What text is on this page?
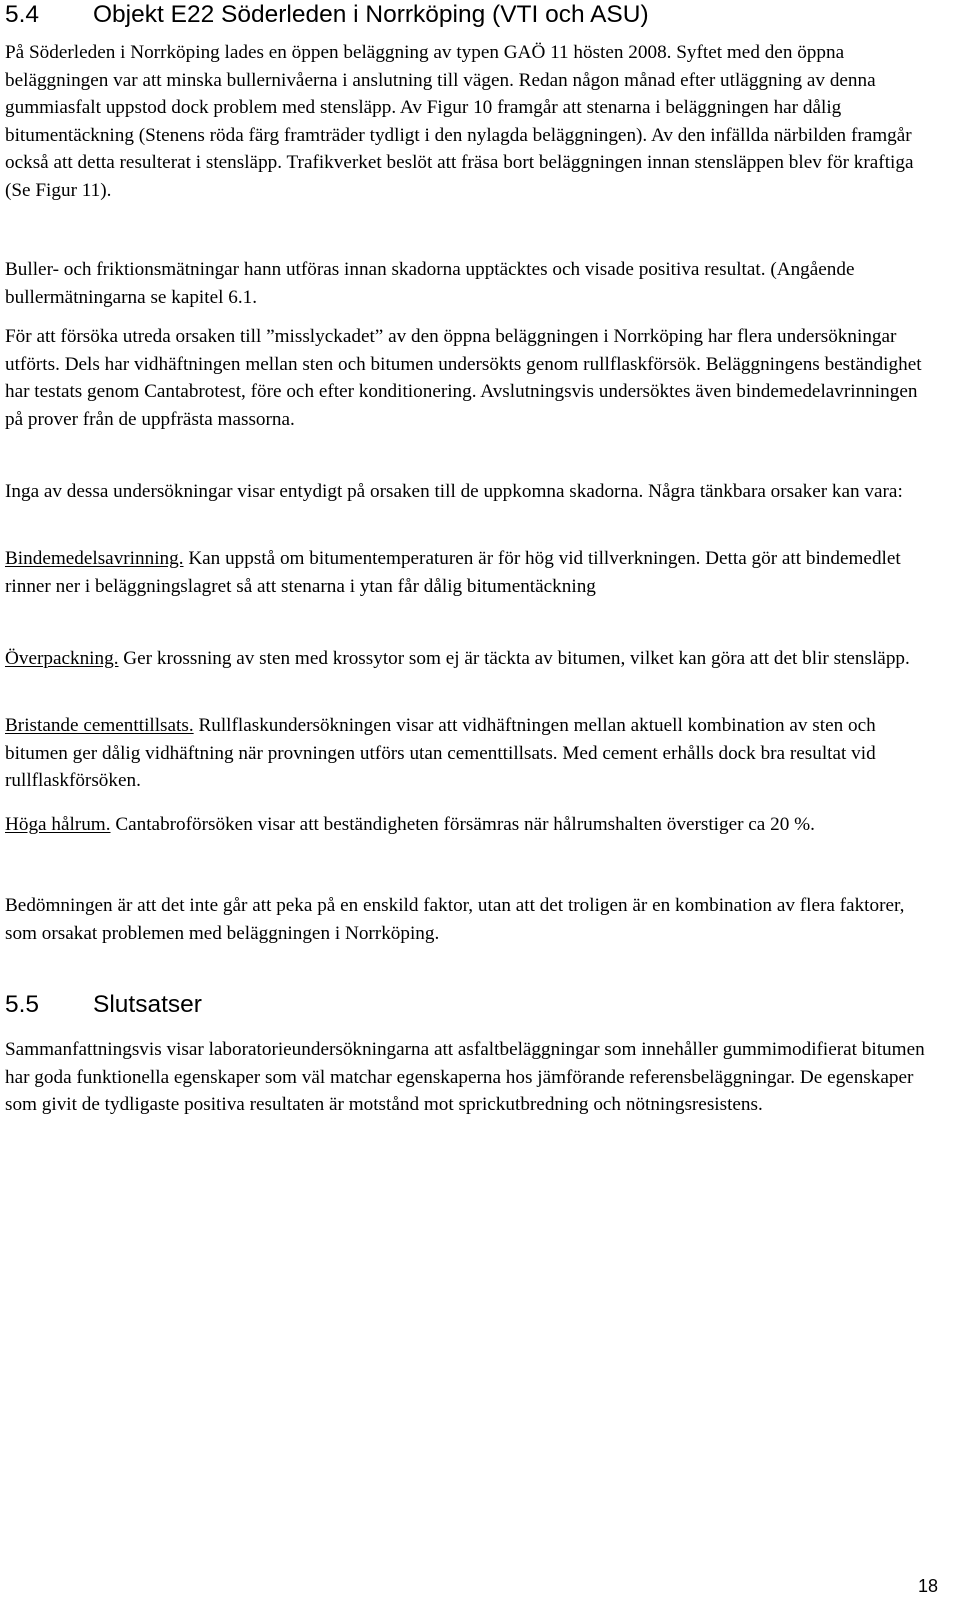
5.4 Objekt E22 Söderleden i Norrköping (VTI och ASU)

På Söderleden i Norrköping lades en öppen beläggning av typen GAÖ 11 hösten 2008. Syftet med den öppna beläggningen var att minska bullernivåerna i anslutning till vägen. Redan någon månad efter utläggning av denna gummiasfalt uppstod dock problem med stensläpp. Av Figur 10 framgår att stenarna i beläggningen har dålig bitumentäckning (Stenens röda färg framträder tydligt i den nylagda beläggningen). Av den infällda närbilden framgår också att detta resulterat i stensläpp. Trafikverket beslöt att fräsa bort beläggningen innan stensläppen blev för kraftiga (Se Figur 11).

Buller- och friktionsmätningar hann utföras innan skadorna upptäcktes och visade positiva resultat. (Angående bullermätningarna se kapitel 6.1.

För att försöka utreda orsaken till ”misslyckadet” av den öppna beläggningen i Norrköping har flera undersökningar utförts. Dels har vidhäftningen mellan sten och bitumen undersökts genom rullflaskförsök. Beläggningens beständighet har testats genom Cantabrotest, före och efter konditionering. Avslutningsvis undersöktes även bindemedelavrinningen på prover från de uppfrästa massorna.

Inga av dessa undersökningar visar entydigt på orsaken till de uppkomna skadorna. Några tänkbara orsaker kan vara:

Bindemedelsavrinning. Kan uppstå om bitumentemperaturen är för hög vid tillverkningen. Detta gör att bindemedlet rinner ner i beläggningslagret så att stenarna i ytan får dålig bitumentäckning

Överpackning. Ger krossning av sten med krossytor som ej är täckta av bitumen, vilket kan göra att det blir stensläpp.

Bristande cementtillsats. Rullflaskundersökningen visar att vidhäftningen mellan aktuell kombination av sten och bitumen ger dålig vidhäftning när provningen utförs utan cementtillsats. Med cement erhålls dock bra resultat vid rullflaskförsöken.

Höga hålrum. Cantabroförsöken visar att beständigheten försämras när hålrumshalten överstiger ca 20 %.

Bedömningen är att det inte går att peka på en enskild faktor, utan att det troligen är en kombination av flera faktorer, som orsakat problemen med beläggningen i Norrköping.

5.5 Slutsatser

Sammanfattningsvis visar laboratorieundersökningarna att asfaltbeläggningar som innehåller gummimodifierat bitumen har goda funktionella egenskaper som väl matchar egenskaperna hos jämförande referensbeläggningar. De egenskaper som givit de tydligaste positiva resultaten är motstånd mot sprickutbredning och nötningsresistens.

18
